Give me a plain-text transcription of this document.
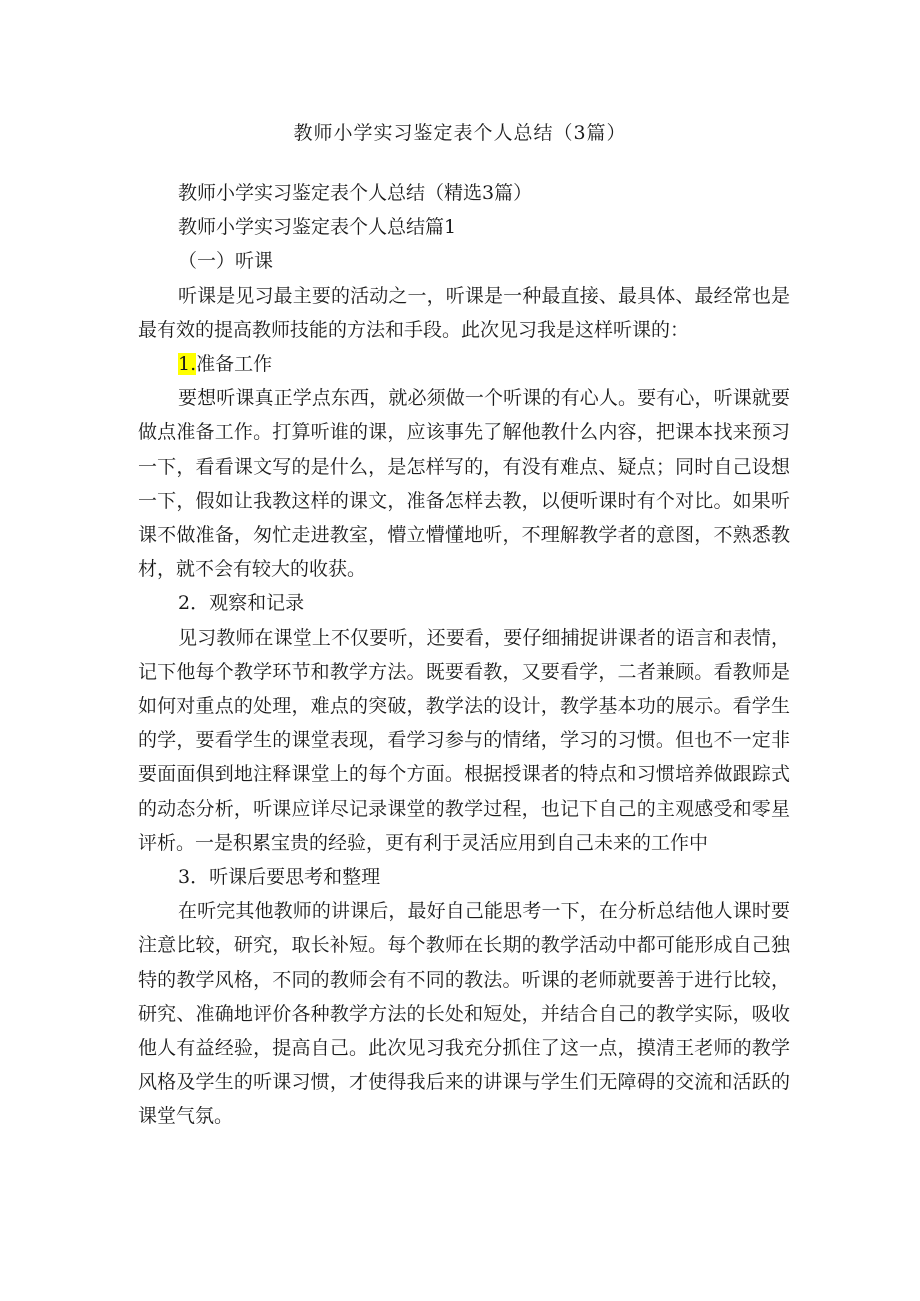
教师小学实习鉴定表个人总结（3篇）

教师小学实习鉴定表个人总结（精选3篇）

教师小学实习鉴定表个人总结篇1

（一）听课

听课是见习最主要的活动之一，听课是一种最直接、最具体、最经常也是最有效的提高教师技能的方法和手段。此次见习我是这样听课的：

1.准备工作

要想听课真正学点东西，就必须做一个听课的有心人。要有心，听课就要做点准备工作。打算听谁的课，应该事先了解他教什么内容，把课本找来预习一下，看看课文写的是什么，是怎样写的，有没有难点、疑点；同时自己设想一下，假如让我教这样的课文，准备怎样去教，以便听课时有个对比。如果听课不做准备，匆忙走进教室，懵立懵懂地听，不理解教学者的意图，不熟悉教材，就不会有较大的收获。

2．观察和记录

见习教师在课堂上不仅要听，还要看，要仔细捕捉讲课者的语言和表情，记下他每个教学环节和教学方法。既要看教，又要看学，二者兼顾。看教师是如何对重点的处理，难点的突破，教学法的设计，教学基本功的展示。看学生的学，要看学生的课堂表现，看学习参与的情绪，学习的习惯。但也不一定非要面面俱到地注释课堂上的每个方面。根据授课者的特点和习惯培养做跟踪式的动态分析，听课应详尽记录课堂的教学过程，也记下自己的主观感受和零星评析。一是积累宝贵的经验，更有利于灵活应用到自己未来的工作中

3．听课后要思考和整理

在听完其他教师的讲课后，最好自己能思考一下，在分析总结他人课时要注意比较，研究，取长补短。每个教师在长期的教学活动中都可能形成自己独特的教学风格，不同的教师会有不同的教法。听课的老师就要善于进行比较，研究、准确地评价各种教学方法的长处和短处，并结合自己的教学实际，吸收他人有益经验，提高自己。此次见习我充分抓住了这一点，摸清王老师的教学风格及学生的听课习惯，才使得我后来的讲课与学生们无障碍的交流和活跃的课堂气氛。
